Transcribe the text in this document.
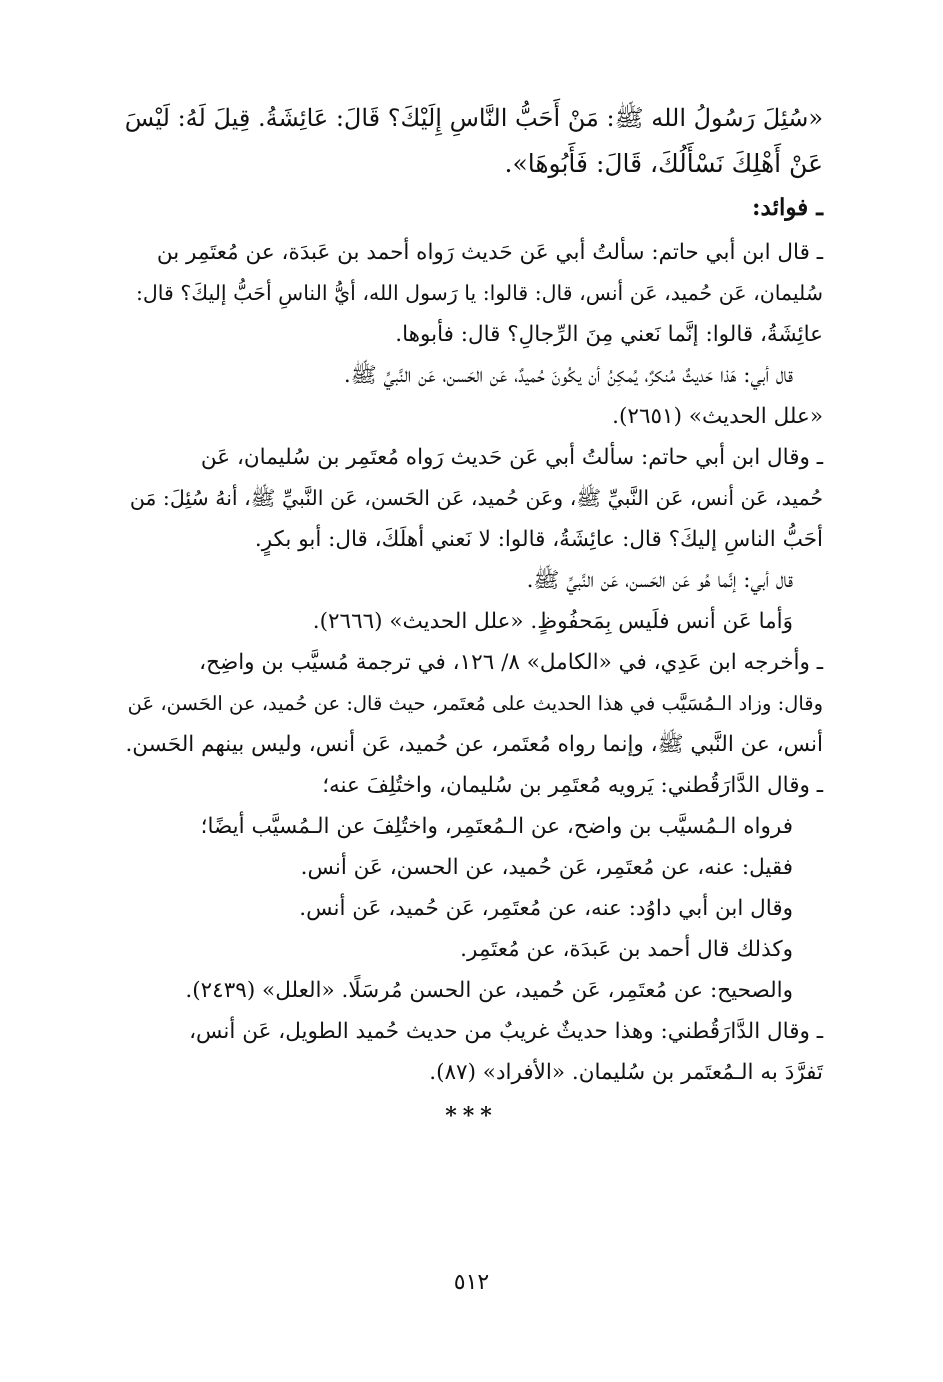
«سُئِلَ رَسُولُ الله ﷺ: مَنْ أَحَبُّ النَّاسِ إِلَيْكَ؟ قَالَ: عَائِشَةُ. قِيلَ لَهُ: لَيْسَ

عَنْ أَهْلِكَ نَسْأَلُكَ، قَالَ: فَأَبُوهَا».

ـ فوائد:

ـ قال ابن أبي حاتم: سألتُ أبي عَن حَديث رَواه أحمد بن عَبدَة، عن مُعتَمِر بن

سُليمان، عَن حُميد، عَن أنس، قال: قالوا: يا رَسول الله، أيُّ الناسِ أحَبُّ إليكَ؟ قال:

عائِشَةُ، قالوا: إنَّما نَعني مِنَ الرِّجالِ؟ قال: فأبوها.

قال أبي: هَذا حَديثٌ مُنكرٌ، يُمكِنُ أن يكُونَ حُميدٌ، عَن الحَسن، عَن النَّبيِّ ﷺ.

«علل الحديث» (٢٦٥١).

ـ وقال ابن أبي حاتم: سألتُ أبي عَن حَديث رَواه مُعتَمِر بن سُليمان، عَن

حُميد، عَن أنس، عَن النَّبيِّ ﷺ، وعَن حُميد، عَن الحَسن، عَن النَّبيِّ ﷺ، أنهُ سُئِلَ: مَن

أحَبُّ الناسِ إليكَ؟ قال: عائِشَةُ، قالوا: لا نَعني أهلَكَ، قال: أبو بكرٍ.

قال أبي: إنَّما هُو عَن الحَسن، عَن النَّبيِّ ﷺ.

وَأما عَن أنس فلَيس بِمَحفُوظٍ. «علل الحديث» (٢٦٦٦).

ـ وأخرجه ابن عَدِي، في «الكامل» ٨/ ١٢٦، في ترجمة مُسيَّب بن واضِح،

وقال: وزاد الـمُسَيَّب في هذا الحديث على مُعتَمر، حيث قال: عن حُميد، عن الحَسن، عَن

أنس، عن النَّبي ﷺ، وإنما رواه مُعتَمر، عن حُميد، عَن أنس، وليس بينهم الحَسن.

ـ وقال الدَّارَقُطني: يَرويه مُعتَمِر بن سُليمان، واختُلِفَ عنه؛

فرواه الـمُسيَّب بن واضح، عن الـمُعتَمِر، واختُلِفَ عن الـمُسيَّب أيضًا؛

فقيل: عنه، عن مُعتَمِر، عَن حُميد، عن الحسن، عَن أنس.

وقال ابن أبي داوُد: عنه، عن مُعتَمِر، عَن حُميد، عَن أنس.

وكذلك قال أحمد بن عَبدَة، عن مُعتَمِر.

والصحيح: عن مُعتَمِر، عَن حُميد، عن الحسن مُرسَلًا. «العلل» (٢٤٣٩).

ـ وقال الدَّارَقُطني: وهذا حديثٌ غريبٌ من حديث حُميد الطويل، عَن أنس،

تَفرَّدَ به الـمُعتَمر بن سُليمان. «الأفراد» (٨٧).

***
٥١٢
